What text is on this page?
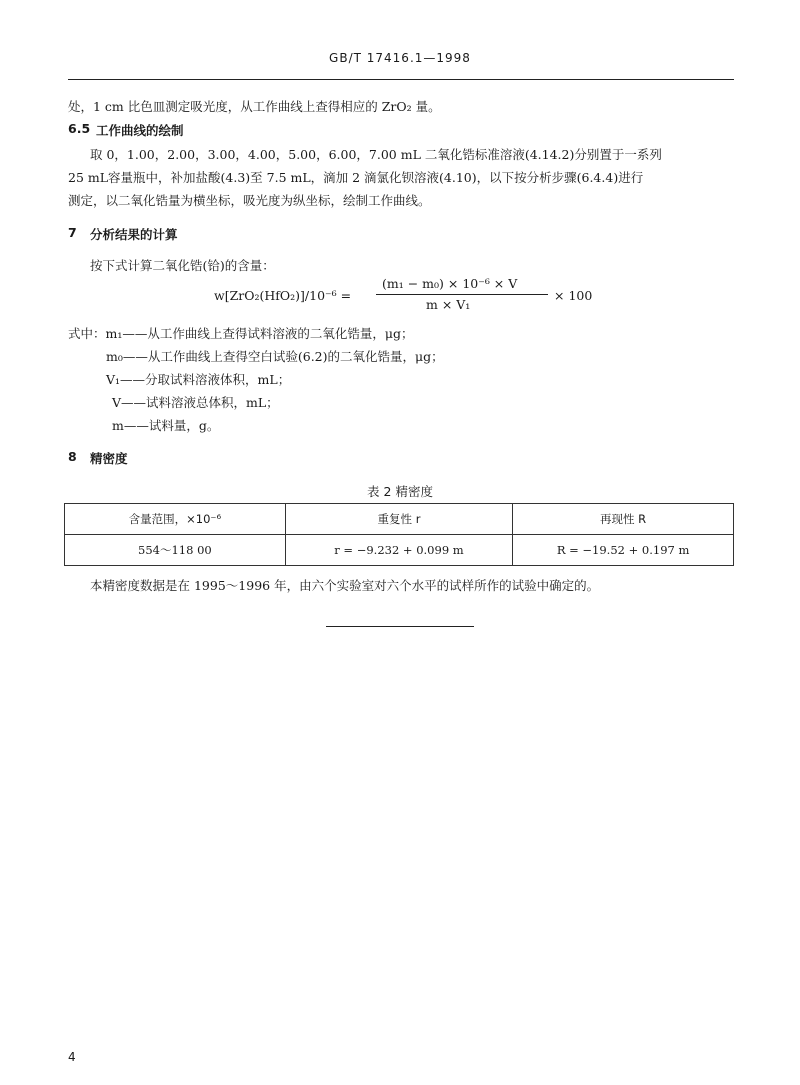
GB/T 17416.1—1998
处，1 cm 比色皿测定吸光度，从工作曲线上查得相应的 ZrO₂ 量。
6.5 工作曲线的绘制
取 0，1.00，2.00，3.00，4.00，5.00，6.00，7.00 mL 二氧化锆标准溶液(4.14.2)分别置于一系列
25 mL容量瓶中，补加盐酸(4.3)至 7.5 mL，滴加 2 滴氯化钡溶液(4.10)，以下按分析步骤(6.4.4)进行
测定，以二氧化锆量为横坐标，吸光度为纵坐标，绘制工作曲线。
7 分析结果的计算
按下式计算二氧化锆(铪)的含量：
w[ZrO₂(HfO₂)]/10⁻⁶ =
(m₁ − m₀) × 10⁻⁶ × V
m × V₁
× 100
式中：m₁——从工作曲线上查得试料溶液的二氧化锆量，μg；
m₀——从工作曲线上查得空白试验(6.2)的二氧化锆量，μg；
V₁——分取试料溶液体积，mL；
V——试料溶液总体积，mL；
m——试料量，g。
8 精密度
表 2 精密度
含量范围，×10⁻⁶	重复性 r	再现性 R
554～118 00	r = −9.232 + 0.099 m	R = −19.52 + 0.197 m
本精密度数据是在 1995～1996 年，由六个实验室对六个水平的试样所作的试验中确定的。
4
